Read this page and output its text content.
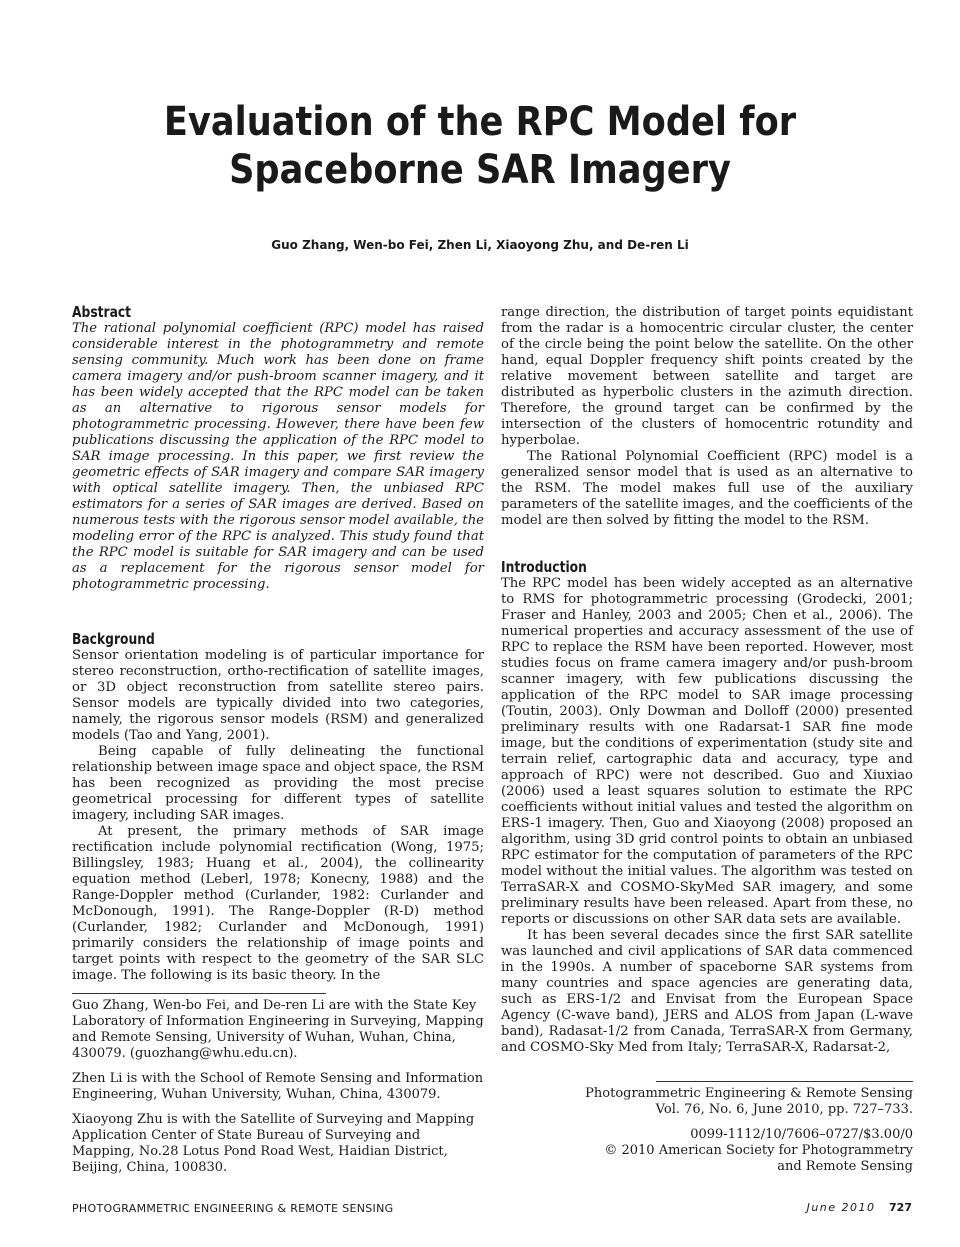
Evaluation of the RPC Model for
Spaceborne SAR Imagery
Guo Zhang, Wen-bo Fei, Zhen Li, Xiaoyong Zhu, and De-ren Li
Abstract

The rational polynomial coefficient (RPC) model has raised considerable interest in the photogrammetry and remote sensing community. Much work has been done on frame camera imagery and/or push-broom scanner imagery, and it has been widely accepted that the RPC model can be taken as an alternative to rigorous sensor models for photogrammetric processing. However, there have been few publications discussing the application of the RPC model to SAR image processing. In this paper, we first review the geometric effects of SAR imagery and compare SAR imagery with optical satellite imagery. Then, the unbiased RPC estimators for a series of SAR images are derived. Based on numerous tests with the rigorous sensor model available, the modeling error of the RPC is analyzed. This study found that the RPC model is suitable for SAR imagery and can be used as a replacement for the rigorous sensor model for photogrammetric processing.

Background

Sensor orientation modeling is of particular importance for stereo reconstruction, ortho-rectification of satellite images, or 3D object reconstruction from satellite stereo pairs. Sensor models are typically divided into two categories, namely, the rigorous sensor models (RSM) and generalized models (Tao and Yang, 2001).

Being capable of fully delineating the functional relationship between image space and object space, the RSM has been recognized as providing the most precise geometrical processing for different types of satellite imagery, including SAR images.

At present, the primary methods of SAR image rectification include polynomial rectification (Wong, 1975; Billingsley, 1983; Huang et al., 2004), the collinearity equation method (Leberl, 1978; Konecny, 1988) and the Range-Doppler method (Curlander, 1982: Curlander and McDonough, 1991). The Range-Doppler (R-D) method (Curlander, 1982; Curlander and McDonough, 1991) primarily considers the relationship of image points and target points with respect to the geometry of the SAR SLC image. The following is its basic theory. In the

range direction, the distribution of target points equidistant from the radar is a homocentric circular cluster, the center of the circle being the point below the satellite. On the other hand, equal Doppler frequency shift points created by the relative movement between satellite and target are distributed as hyperbolic clusters in the azimuth direction. Therefore, the ground target can be confirmed by the intersection of the clusters of homocentric rotundity and hyperbolae.

The Rational Polynomial Coefficient (RPC) model is a generalized sensor model that is used as an alternative to the RSM. The model makes full use of the auxiliary parameters of the satellite images, and the coefficients of the model are then solved by fitting the model to the RSM.

Introduction

The RPC model has been widely accepted as an alternative to RMS for photogrammetric processing (Grodecki, 2001; Fraser and Hanley, 2003 and 2005; Chen et al., 2006). The numerical properties and accuracy assessment of the use of RPC to replace the RSM have been reported. However, most studies focus on frame camera imagery and/or push-broom scanner imagery, with few publications discussing the application of the RPC model to SAR image processing (Toutin, 2003). Only Dowman and Dolloff (2000) presented preliminary results with one Radarsat-1 SAR fine mode image, but the conditions of experimentation (study site and terrain relief, cartographic data and accuracy, type and approach of RPC) were not described. Guo and Xiuxiao (2006) used a least squares solution to estimate the RPC coefficients without initial values and tested the algorithm on ERS-1 imagery. Then, Guo and Xiaoyong (2008) proposed an algorithm, using 3D grid control points to obtain an unbiased RPC estimator for the computation of parameters of the RPC model without the initial values. The algorithm was tested on TerraSAR-X and COSMO-SkyMed SAR imagery, and some preliminary results have been released. Apart from these, no reports or discussions on other SAR data sets are available.

It has been several decades since the first SAR satellite was launched and civil applications of SAR data commenced in the 1990s. A number of spaceborne SAR systems from many countries and space agencies are generating data, such as ERS-1/2 and Envisat from the European Space Agency (C-wave band), JERS and ALOS from Japan (L-wave band), Radasat-1/2 from Canada, TerraSAR-X from Germany, and COSMO-Sky Med from Italy; TerraSAR-X, Radarsat-2,

Guo Zhang, Wen-bo Fei, and De-ren Li are with the State Key Laboratory of Information Engineering in Surveying, Mapping and Remote Sensing, University of Wuhan, Wuhan, China, 430079. (guozhang@whu.edu.cn).

Zhen Li is with the School of Remote Sensing and Information Engineering, Wuhan University, Wuhan, China, 430079.

Xiaoyong Zhu is with the Satellite of Surveying and Mapping Application Center of State Bureau of Surveying and Mapping, No.28 Lotus Pond Road West, Haidian District, Beijing, China, 100830.

Photogrammetric Engineering & Remote Sensing
Vol. 76, No. 6, June 2010, pp. 727–733.
0099-1112/10/7606–0727/$3.00/0
© 2010 American Society for Photogrammetry
and Remote Sensing
PHOTOGRAMMETRIC ENGINEERING & REMOTE SENSING	June 2010 727
